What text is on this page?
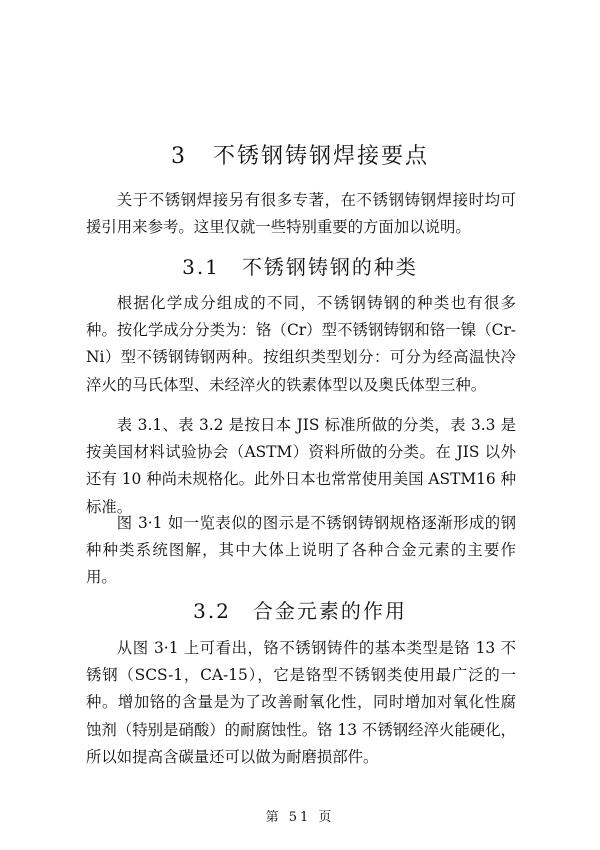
3 不锈钢铸钢焊接要点

关于不锈钢焊接另有很多专著，在不锈钢铸钢焊接时均可援引用来参考。这里仅就一些特别重要的方面加以说明。

3.1 不锈钢铸钢的种类

根据化学成分组成的不同，不锈钢铸钢的种类也有很多种。按化学成分分类为：铬（Cr）型不锈钢铸钢和铬一镍（Cr-Ni）型不锈钢铸钢两种。按组织类型划分：可分为经高温快冷淬火的马氏体型、未经淬火的铁素体型以及奥氏体型三种。

表 3.1、表 3.2 是按日本 JIS 标准所做的分类，表 3.3 是按美国材料试验协会（ASTM）资料所做的分类。在 JIS 以外还有 10 种尚未规格化。此外日本也常常使用美国 ASTM16 种标准。

图 3·1 如一览表似的图示是不锈钢铸钢规格逐渐形成的钢种种类系统图解，其中大体上说明了各种合金元素的主要作用。

3.2 合金元素的作用

从图 3·1 上可看出，铬不锈钢铸件的基本类型是铬 13 不锈钢（SCS-1，CA-15），它是铬型不锈钢类使用最广泛的一种。增加铬的含量是为了改善耐氧化性，同时增加对氧化性腐蚀剂（特别是硝酸）的耐腐蚀性。铬 13 不锈钢经淬火能硬化，所以如提高含碳量还可以做为耐磨损部件。

第 51 页
